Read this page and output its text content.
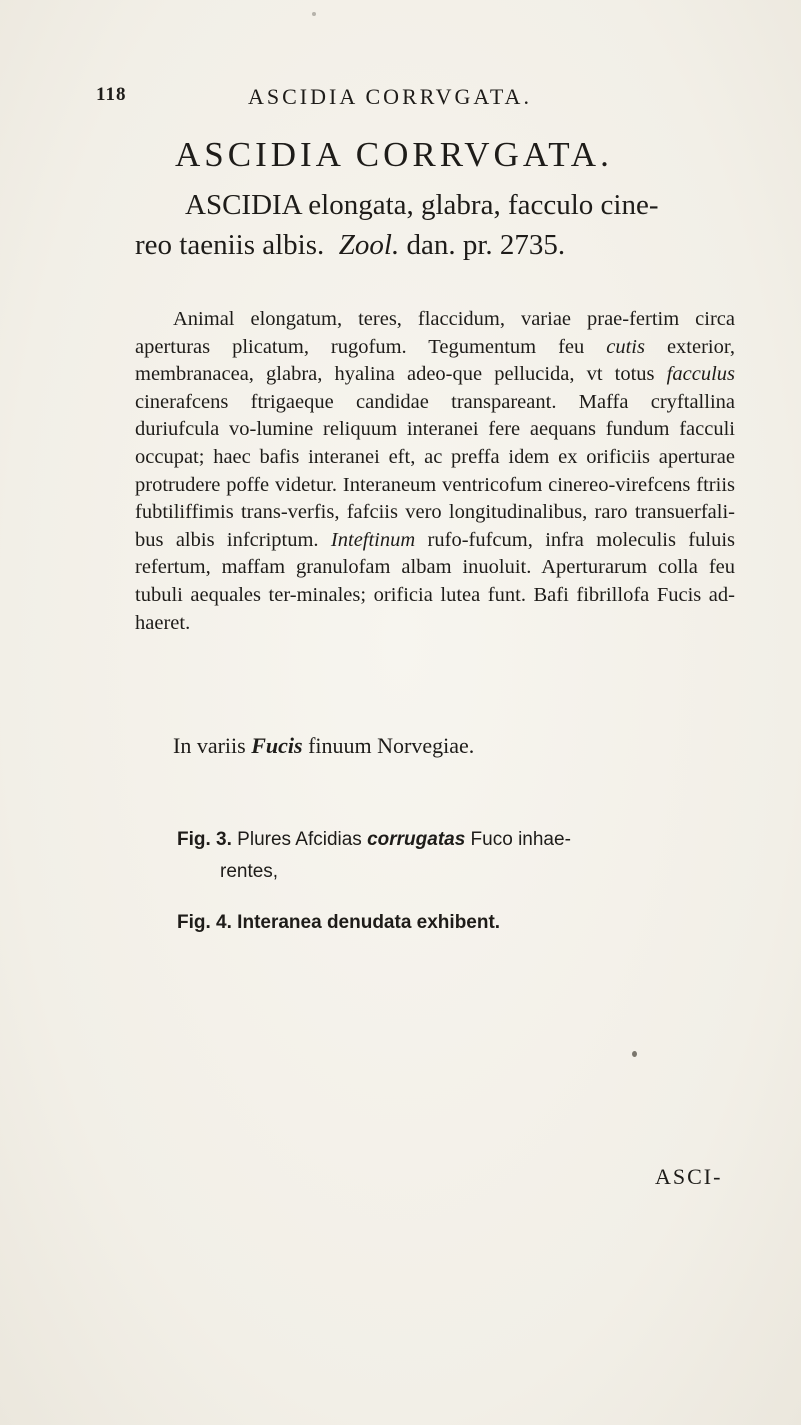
118	ASCIDIA CORRVGATA.
ASCIDIA CORRVGATA.
ASCIDIA elongata, glabra, facculo cine-
reo taeniis albis. Zool. dan. pr. 2735.

Animal elongatum, teres, flaccidum, variae prae-fertim circa aperturas plicatum, rugofum. Tegumentum feu cutis exterior, membranacea, glabra, hyalina adeo-que pellucida, vt totus facculus cinerafcens ftrigaeque candidae transpareant. Maffa cryftallina duriufcula vo-lumine reliquum interanei fere aequans fundum facculi occupat; haec bafis interanei eft, ac preffa idem ex orificiis aperturae protrudere poffe videtur. Interaneum ventricofum cinereo-virefcens ftriis fubtiliffimis trans-verfis, fafciis vero longitudinalibus, raro transuerfali-bus albis infcriptum. Inteftinum rufo-fufcum, infra moleculis fuluis refertum, maffam granulofam albam inuoluit. Aperturarum colla feu tubuli aequales ter-minales; orificia lutea funt. Bafi fibrillofa Fucis ad-haeret.

In variis Fucis finuum Norvegiae.
Fig. 3. Plures Afcidias corrugatas Fuco inhae-
rentes,
Fig. 4. Interanea denudata exhibent.
ASCI-
